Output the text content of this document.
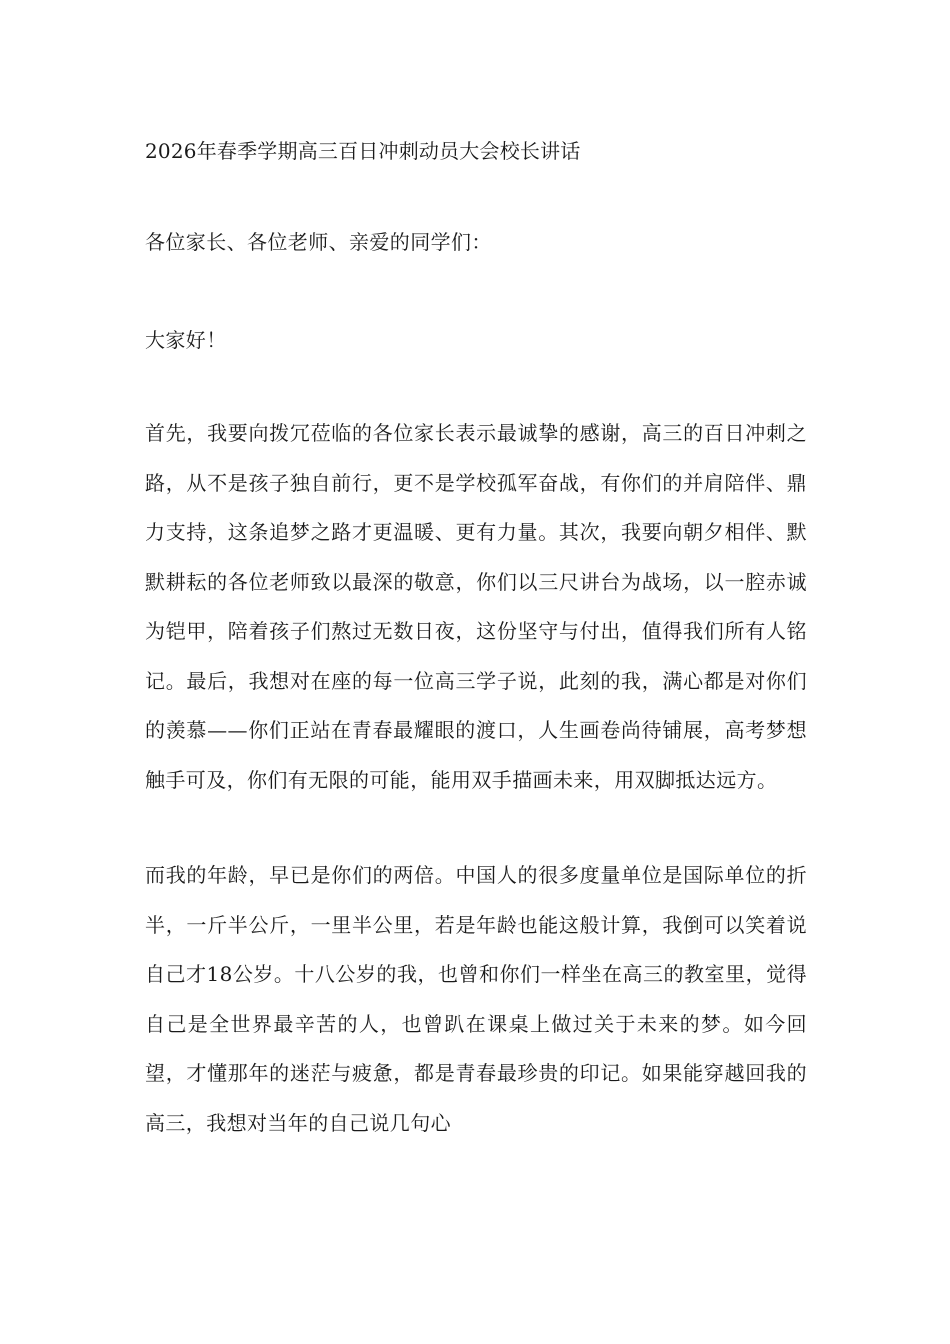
2026年春季学期高三百日冲刺动员大会校长讲话

各位家长、各位老师、亲爱的同学们：

大家好！

首先，我要向拨冗莅临的各位家长表示最诚挚的感谢，高三的百日冲刺之路，从不是孩子独自前行，更不是学校孤军奋战，有你们的并肩陪伴、鼎力支持，这条追梦之路才更温暖、更有力量。其次，我要向朝夕相伴、默默耕耘的各位老师致以最深的敬意，你们以三尺讲台为战场，以一腔赤诚为铠甲，陪着孩子们熬过无数日夜，这份坚守与付出，值得我们所有人铭记。最后，我想对在座的每一位高三学子说，此刻的我，满心都是对你们的羡慕——你们正站在青春最耀眼的渡口，人生画卷尚待铺展，高考梦想触手可及，你们有无限的可能，能用双手描画未来，用双脚抵达远方。

而我的年龄，早已是你们的两倍。中国人的很多度量单位是国际单位的折半，一斤半公斤，一里半公里，若是年龄也能这般计算，我倒可以笑着说自己才18公岁。十八公岁的我，也曾和你们一样坐在高三的教室里，觉得自己是全世界最辛苦的人，也曾趴在课桌上做过关于未来的梦。如今回望，才懂那年的迷茫与疲惫，都是青春最珍贵的印记。如果能穿越回我的高三，我想对当年的自己说几句心
